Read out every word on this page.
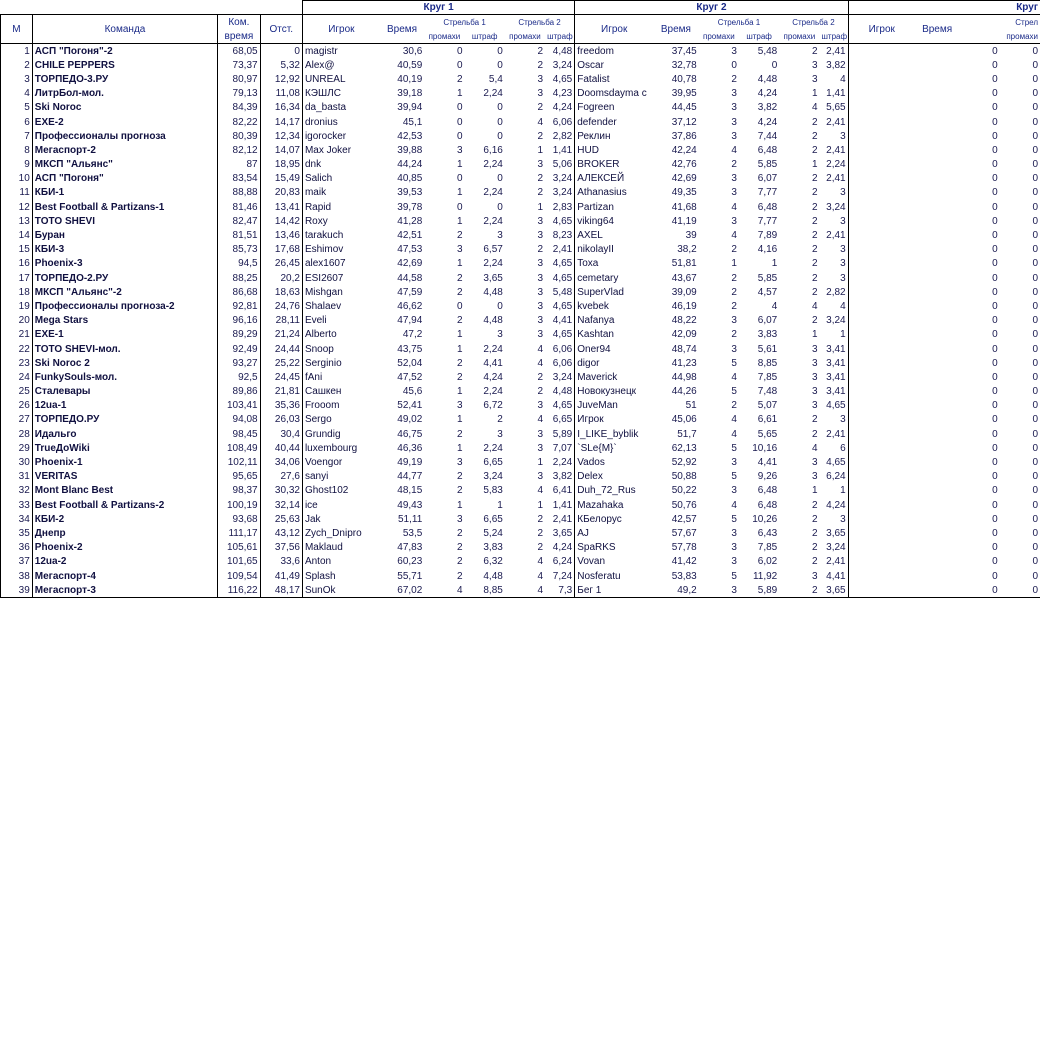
				Круг 1						Круг 2						Круг			
М	Команда	Ком.	Отст.	Игрок	Время	Стрельба 1		Стрельба 2		Игрок	Время	Стрельба 1		Стрельба 2		Игрок	Время	Стрел	
		время				промахи	штраф	промахи	штраф			промахи	штраф	промахи	штраф				промахи
1	АСП "Погоня"-2	68,05	0	magistr	30,6	0	0	2	4,48	freedom	37,45	3	5,48	2	2,41			0	0
2	CHILE PEPPERS	73,37	5,32	Alex@	40,59	0	0	2	3,24	Oscar	32,78	0	0	3	3,82			0	0
3	ТОРПЕДО-3.РУ	80,97	12,92	UNREAL	40,19	2	5,4	3	4,65	Fatalist	40,78	2	4,48	3	4			0	0
4	ЛитрБол-мол.	79,13	11,08	КЭШЛС	39,18	1	2,24	3	4,23	Doomsdayma c	39,95	3	4,24	1	1,41			0	0
5	Ski Noroc	84,39	16,34	da_basta	39,94	0	0	2	4,24	Fogreen	44,45	3	3,82	4	5,65			0	0
6	EXE-2	82,22	14,17	dronius	45,1	0	0	4	6,06	defender	37,12	3	4,24	2	2,41			0	0
7	Профессионалы прогноза	80,39	12,34	igorocker	42,53	0	0	2	2,82	Реклин	37,86	3	7,44	2	3			0	0
8	Мегаспорт-2	82,12	14,07	Max Joker	39,88	3	6,16	1	1,41	HUD	42,24	4	6,48	2	2,41			0	0
9	МКСП "Альянс"	87	18,95	dnk	44,24	1	2,24	3	5,06	BROKER	42,76	2	5,85	1	2,24			0	0
10	АСП "Погоня"	83,54	15,49	Salich	40,85	0	0	2	3,24	АЛЕКСЕЙ	42,69	3	6,07	2	2,41			0	0
11	КБИ-1	88,88	20,83	maik	39,53	1	2,24	2	3,24	Athanasius	49,35	3	7,77	2	3			0	0
12	Best Football & Partizans-1	81,46	13,41	Rapid	39,78	0	0	1	2,83	Partizan	41,68	4	6,48	2	3,24			0	0
13	TOTO SHEVI	82,47	14,42	Roxy	41,28	1	2,24	3	4,65	viking64	41,19	3	7,77	2	3			0	0
14	Буран	81,51	13,46	tarakuch	42,51	2	3	3	8,23	AXEL	39	4	7,89	2	2,41			0	0
15	КБИ-3	85,73	17,68	Eshimov	47,53	3	6,57	2	2,41	nikolayII	38,2	2	4,16	2	3			0	0
16	Phoenix-3	94,5	26,45	alex1607	42,69	1	2,24	3	4,65	Toxa	51,81	1	1	2	3			0	0
17	ТОРПЕДО-2.РУ	88,25	20,2	ESI2607	44,58	2	3,65	3	4,65	cemetary	43,67	2	5,85	2	3			0	0
18	МКСП "Альянс"-2	86,68	18,63	Mishgan	47,59	2	4,48	3	5,48	SuperVlad	39,09	2	4,57	2	2,82			0	0
19	Профессионалы прогноза-2	92,81	24,76	Shalaev	46,62	0	0	3	4,65	kvebek	46,19	2	4	4	4			0	0
20	Mega Stars	96,16	28,11	Eveli	47,94	2	4,48	3	4,41	Nafanya	48,22	3	6,07	2	3,24			0	0
21	EXE-1	89,29	21,24	Alberto	47,2	1	3	3	4,65	Kashtan	42,09	2	3,83	1	1			0	0
22	TOTO SHEVI-мол.	92,49	24,44	Snoop	43,75	1	2,24	4	6,06	Oner94	48,74	3	5,61	3	3,41			0	0
23	Ski Noroc 2	93,27	25,22	Serginio	52,04	2	4,41	4	6,06	digor	41,23	5	8,85	3	3,41			0	0
24	FunkySouls-мол.	92,5	24,45	fAni	47,52	2	4,24	2	3,24	Maverick	44,98	4	7,85	3	3,41			0	0
25	Сталевары	89,86	21,81	Сашкен	45,6	1	2,24	2	4,48	Новокузнецк	44,26	5	7,48	3	3,41			0	0
26	12ua-1	103,41	35,36	Frooom	52,41	3	6,72	3	4,65	JuveMan	51	2	5,07	3	4,65			0	0
27	ТОРПЕДО.РУ	94,08	26,03	Sergo	49,02	1	2	4	6,65	Игрок	45,06	4	6,61	2	3			0	0
28	Идальго	98,45	30,4	Grundig	46,75	2	3	3	5,89	I_LIKE_byblik	51,7	4	5,65	2	2,41			0	0
29	TrueДоWiki	108,49	40,44	luxembourg	46,36	1	2,24	3	7,07	`SLe{M}`	62,13	5	10,16	4	6			0	0
30	Phoenix-1	102,11	34,06	Voengor	49,19	3	6,65	1	2,24	Vados	52,92	3	4,41	3	4,65			0	0
31	VERITAS	95,65	27,6	sanyi	44,77	2	3,24	3	3,82	Delex	50,88	5	9,26	3	6,24			0	0
32	Mont Blanc Best	98,37	30,32	Ghost102	48,15	2	5,83	4	6,41	Duh_72_Rus	50,22	3	6,48	1	1			0	0
33	Best Football & Partizans-2	100,19	32,14	ice	49,43	1	1	1	1,41	Mazahaka	50,76	4	6,48	2	4,24			0	0
34	КБИ-2	93,68	25,63	Jak	51,11	3	6,65	2	2,41	КБелорус	42,57	5	10,26	2	3			0	0
35	Днепр	111,17	43,12	Zych_Dnipro	53,5	2	5,24	2	3,65	AJ	57,67	3	6,43	2	3,65			0	0
36	Phoenix-2	105,61	37,56	Maklaud	47,83	2	3,83	2	4,24	SpaRKS	57,78	3	7,85	2	3,24			0	0
37	12ua-2	101,65	33,6	Anton	60,23	2	6,32	4	6,24	Vovan	41,42	3	6,02	2	2,41			0	0
38	Мегаспорт-4	109,54	41,49	Splash	55,71	2	4,48	4	7,24	Nosferatu	53,83	5	11,92	3	4,41			0	0
39	Мегаспорт-3	116,22	48,17	SunOk	67,02	4	8,85	4	7,3	Бег 1	49,2	3	5,89	2	3,65			0	0
